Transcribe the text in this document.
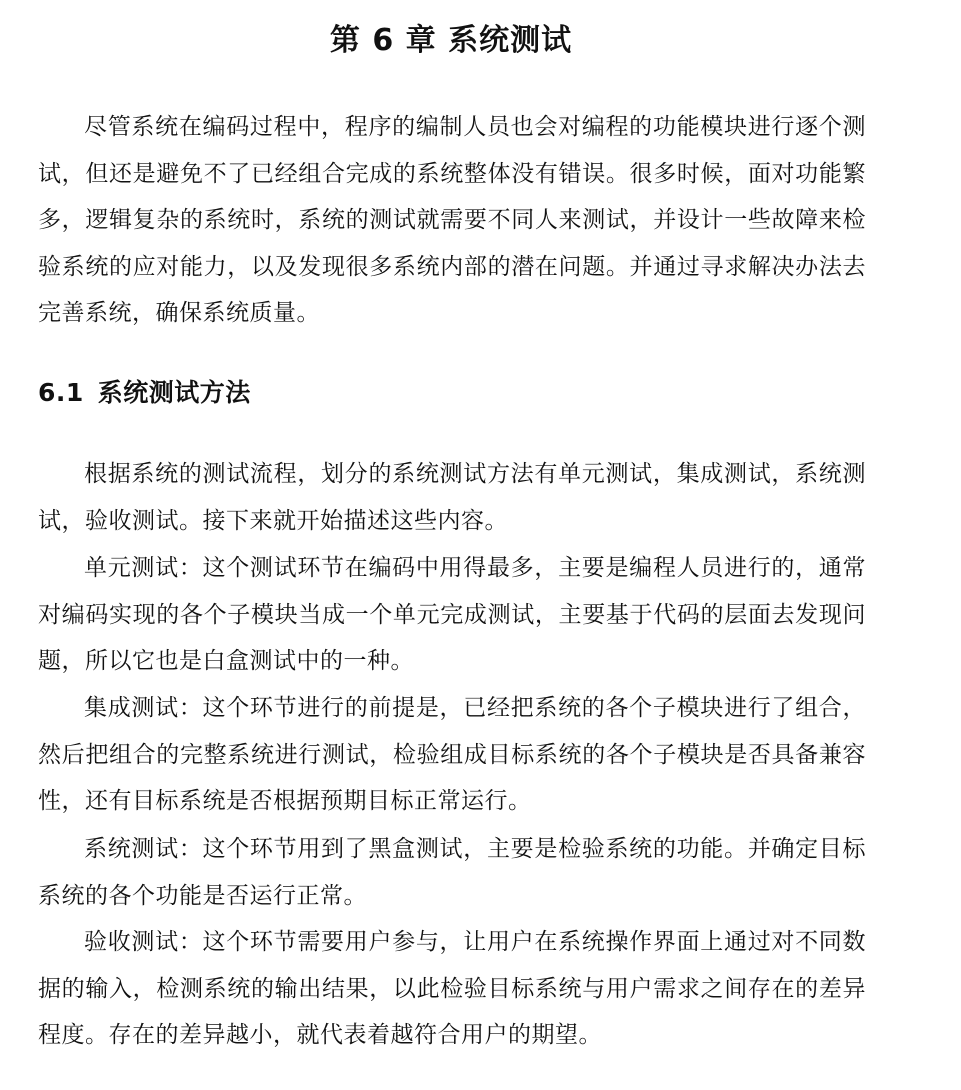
第 6 章 系统测试

尽管系统在编码过程中，程序的编制人员也会对编程的功能模块进行逐个测试，但还是避免不了已经组合完成的系统整体没有错误。很多时候，面对功能繁多，逻辑复杂的系统时，系统的测试就需要不同人来测试，并设计一些故障来检验系统的应对能力，以及发现很多系统内部的潜在问题。并通过寻求解决办法去完善系统，确保系统质量。

6.1 系统测试方法

根据系统的测试流程，划分的系统测试方法有单元测试，集成测试，系统测试，验收测试。接下来就开始描述这些内容。

单元测试：这个测试环节在编码中用得最多，主要是编程人员进行的，通常对编码实现的各个子模块当成一个单元完成测试，主要基于代码的层面去发现问题，所以它也是白盒测试中的一种。

集成测试：这个环节进行的前提是，已经把系统的各个子模块进行了组合，然后把组合的完整系统进行测试，检验组成目标系统的各个子模块是否具备兼容性，还有目标系统是否根据预期目标正常运行。

系统测试：这个环节用到了黑盒测试，主要是检验系统的功能。并确定目标系统的各个功能是否运行正常。

验收测试：这个环节需要用户参与，让用户在系统操作界面上通过对不同数据的输入，检测系统的输出结果，以此检验目标系统与用户需求之间存在的差异程度。存在的差异越小，就代表着越符合用户的期望。
